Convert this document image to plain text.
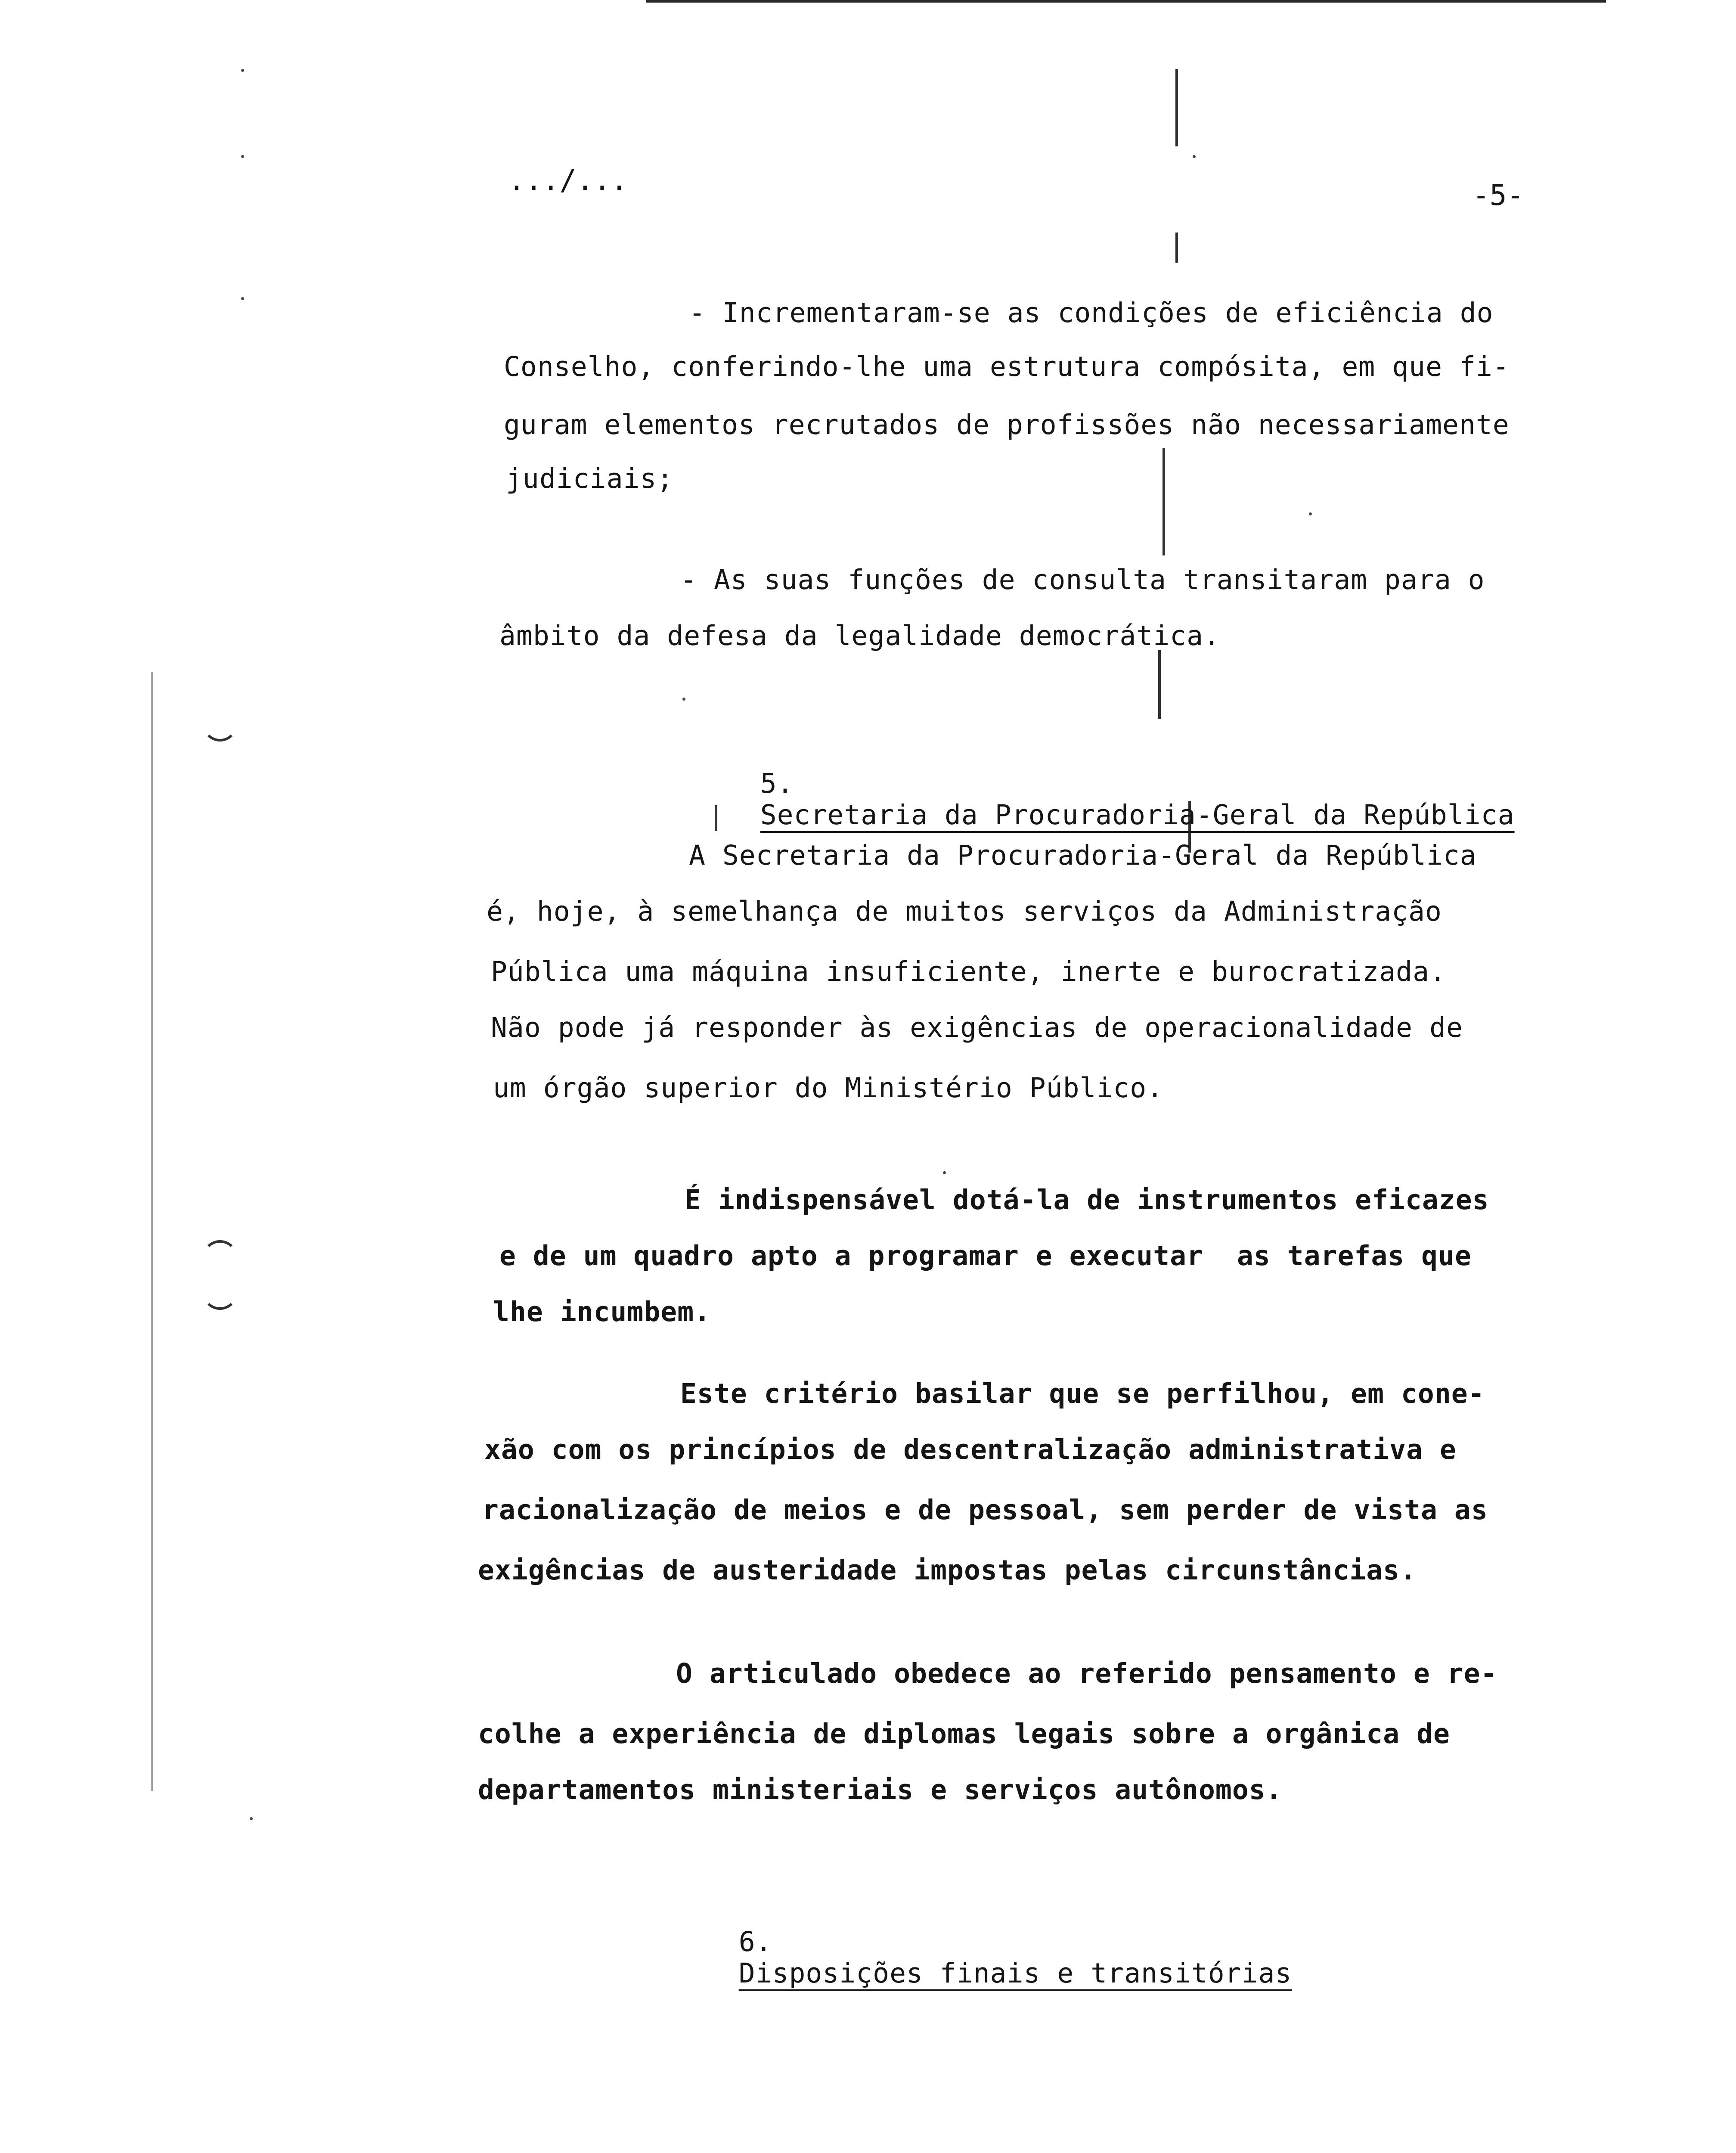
.../...	-5-
- Incrementaram-se as condições de eficiência do
Conselho, conferindo-lhe uma estrutura compósita, em que fi-
guram elementos recrutados de profissões não necessariamente
judiciais;
- As suas funções de consulta transitaram para o
âmbito da defesa da legalidade democrática.

5.
Secretaria da Procuradoria-Geral da República

A Secretaria da Procuradoria-Geral da República
é, hoje, à semelhança de muitos serviços da Administração
Pública uma máquina insuficiente, inerte e burocratizada.
Não pode já responder às exigências de operacionalidade de
um órgão superior do Ministério Público.
É indispensável dotá-la de instrumentos eficazes
e de um quadro apto a programar e executar  as tarefas que
lhe incumbem.
Este critério basilar que se perfilhou, em cone-
xão com os princípios de descentralização administrativa e
racionalização de meios e de pessoal, sem perder de vista as
exigências de austeridade impostas pelas circunstâncias.
O articulado obedece ao referido pensamento e re-
colhe a experiência de diplomas legais sobre a orgânica de
departamentos ministeriais e serviços autônomos.

6.
Disposições finais e transitórias
